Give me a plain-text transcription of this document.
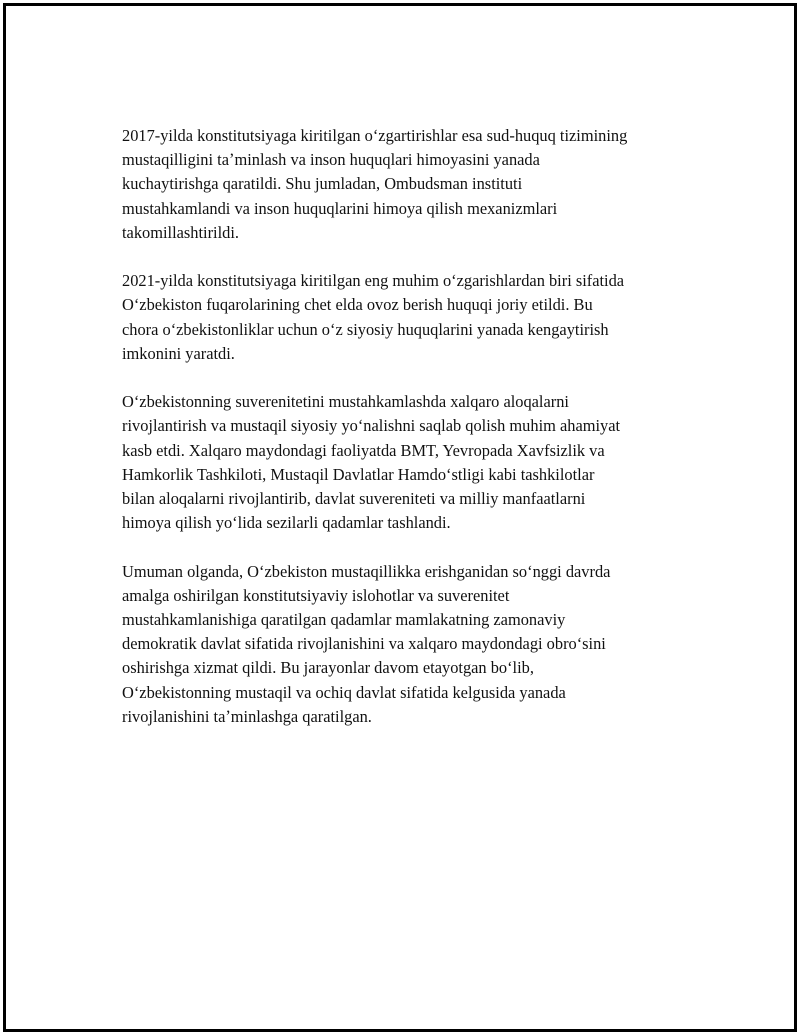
2017-yilda konstitutsiyaga kiritilgan oʻzgartirishlar esa sud-huquq tizimining
mustaqilligini taʼminlash va inson huquqlari himoyasini yanada
kuchaytirishga qaratildi. Shu jumladan, Ombudsman instituti
mustahkamlandi va inson huquqlarini himoya qilish mexanizmlari
takomillashtirildi.

2021-yilda konstitutsiyaga kiritilgan eng muhim oʻzgarishlardan biri sifatida
Oʻzbekiston fuqarolarining chet elda ovoz berish huquqi joriy etildi. Bu
chora oʻzbekistonliklar uchun oʻz siyosiy huquqlarini yanada kengaytirish
imkonini yaratdi.

Oʻzbekistonning suverenitetini mustahkamlashda xalqaro aloqalarni
rivojlantirish va mustaqil siyosiy yoʻnalishni saqlab qolish muhim ahamiyat
kasb etdi. Xalqaro maydondagi faoliyatda BMT, Yevropada Xavfsizlik va
Hamkorlik Tashkiloti, Mustaqil Davlatlar Hamdoʻstligi kabi tashkilotlar
bilan aloqalarni rivojlantirib, davlat suvereniteti va milliy manfaatlarni
himoya qilish yoʻlida sezilarli qadamlar tashlandi.

Umuman olganda, Oʻzbekiston mustaqillikka erishganidan soʻnggi davrda
amalga oshirilgan konstitutsiyaviy islohotlar va suverenitet
mustahkamlanishiga qaratilgan qadamlar mamlakatning zamonaviy
demokratik davlat sifatida rivojlanishini va xalqaro maydondagi obroʻsini
oshirishga xizmat qildi. Bu jarayonlar davom etayotgan boʻlib,
Oʻzbekistonning mustaqil va ochiq davlat sifatida kelgusida yanada
rivojlanishini taʼminlashga qaratilgan.
